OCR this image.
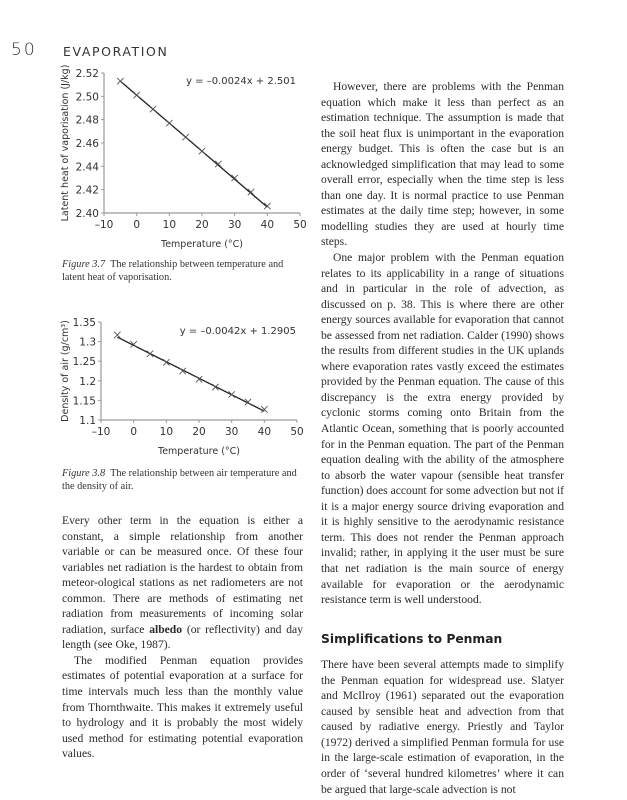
50 EVAPORATION
2.40
2.42
2.44
2.46
2.48
2.50
2.52
–10 0 10 20 30 40 50
Temperature (°C)
Latent heat of vaporisation (J/kg)	y = –0.0024x + 2.501
Figure 3.7 The relationship between temperature and latent heat of vaporisation.
1.1
1.15
1.2
1.25
1.3
1.35
–10 0 10 20 30 40 50
Temperature (°C)
Density of air (g/cm³)	y = –0.0042x + 1.2905
Figure 3.8 The relationship between air temperature and the density of air.

Every other term in the equation is either a constant, a simple relationship from another variable or can be measured once. Of these four variables net radiation is the hardest to obtain from meteor-ological stations as net radiometers are not common. There are methods of estimating net radiation from measurements of incoming solar radiation, surface albedo (or reflectivity) and day length (see Oke, 1987).

The modified Penman equation provides estimates of potential evaporation at a surface for time intervals much less than the monthly value from Thornthwaite. This makes it extremely useful to hydrology and it is probably the most widely used method for estimating potential evaporation values.

However, there are problems with the Penman equation which make it less than perfect as an estimation technique. The assumption is made that the soil heat flux is unimportant in the evaporation energy budget. This is often the case but is an acknowledged simplification that may lead to some overall error, especially when the time step is less than one day. It is normal practice to use Penman estimates at the daily time step; however, in some modelling studies they are used at hourly time steps.

One major problem with the Penman equation relates to its applicability in a range of situations and in particular in the role of advection, as discussed on p. 38. This is where there are other energy sources available for evaporation that cannot be assessed from net radiation. Calder (1990) shows the results from different studies in the UK uplands where evaporation rates vastly exceed the estimates provided by the Penman equation. The cause of this discrepancy is the extra energy provided by cyclonic storms coming onto Britain from the Atlantic Ocean, something that is poorly accounted for in the Penman equation. The part of the Penman equation dealing with the ability of the atmosphere to absorb the water vapour (sensible heat transfer function) does account for some advection but not if it is a major energy source driving evaporation and it is highly sensitive to the aerodynamic resistance term. This does not render the Penman approach invalid; rather, in applying it the user must be sure that net radiation is the main source of energy available for evaporation or the aerodynamic resistance term is well understood.

Simplifications to Penman

There have been several attempts made to simplify the Penman equation for widespread use. Slatyer and McIlroy (1961) separated out the evaporation caused by sensible heat and advection from that caused by radiative energy. Priestly and Taylor (1972) derived a simplified Penman formula for use in the large-scale estimation of evaporation, in the order of ‘several hundred kilometres’ where it can be argued that large-scale advection is not
